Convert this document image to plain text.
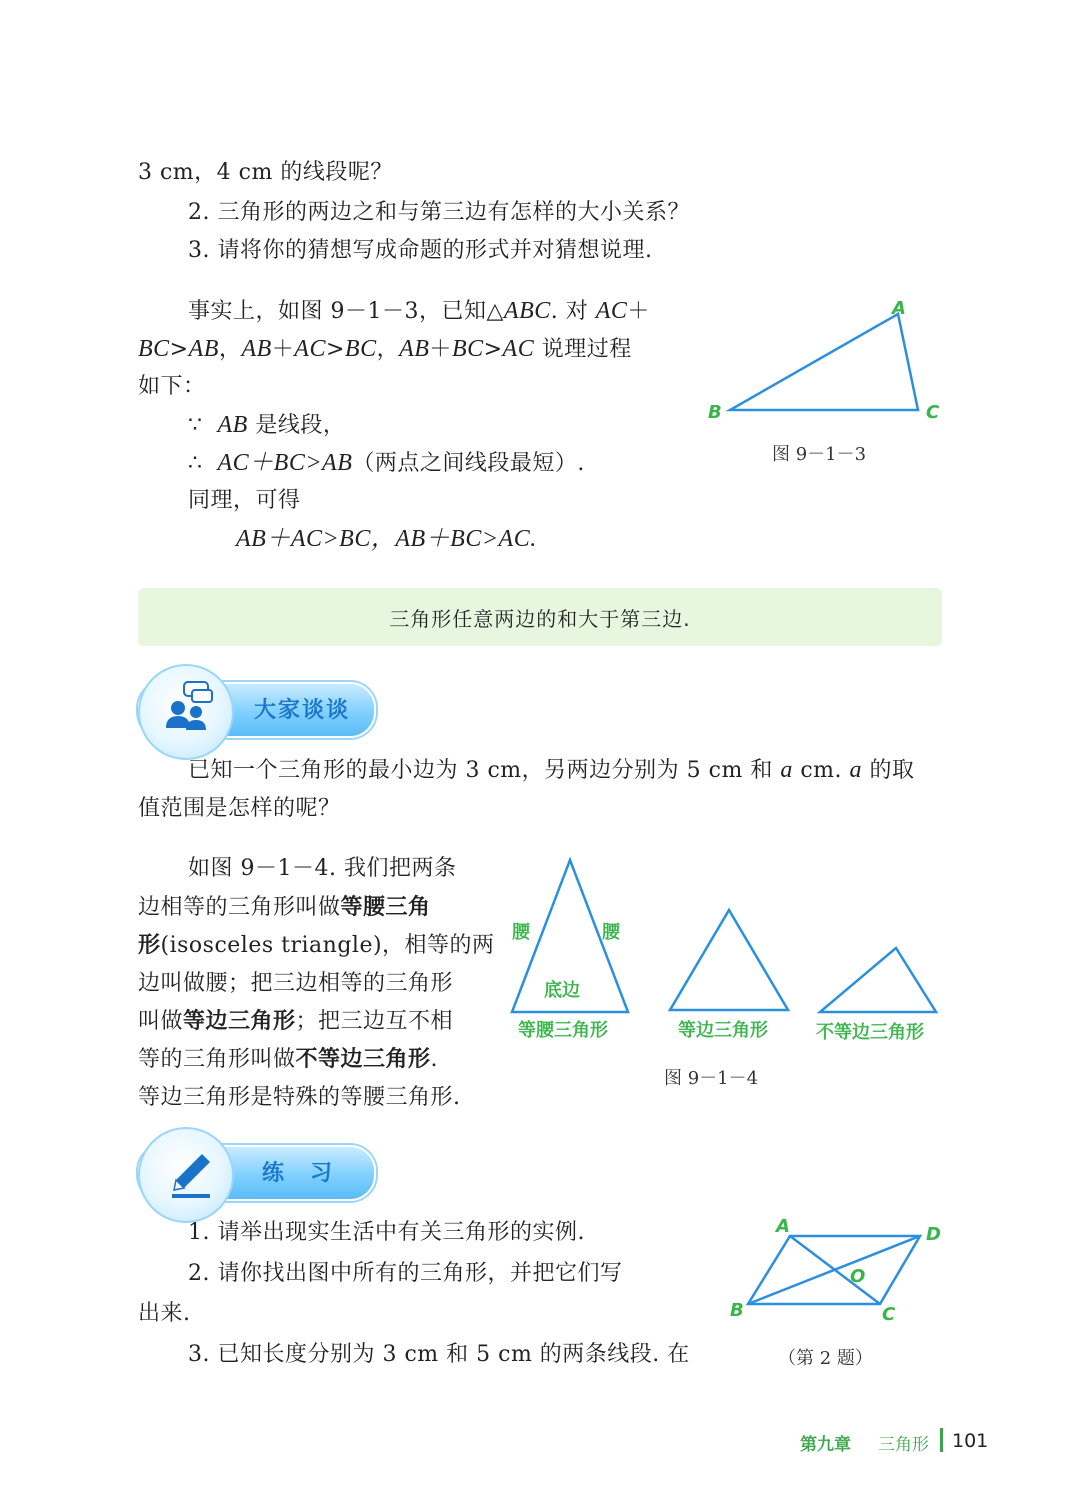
3 cm，4 cm 的线段呢？
2. 三角形的两边之和与第三边有怎样的大小关系？
3. 请将你的猜想写成命题的形式并对猜想说理.
事实上，如图 9－1－3，已知△ABC. 对 AC＋
BC>AB，AB＋AC>BC，AB＋BC>AC 说理过程
如下：
∵ AB 是线段，
∴ AC＋BC>AB（两点之间线段最短）.
同理，可得
AB＋AC>BC，AB＋BC>AC.
A
B	C
图 9－1－3
三角形任意两边的和大于第三边.
大家谈谈
已知一个三角形的最小边为 3 cm，另两边分别为 5 cm 和 a cm. a 的取
值范围是怎样的呢？
如图 9－1－4. 我们把两条
边相等的三角形叫做等腰三角
形(isosceles triangle)，相等的两
边叫做腰；把三边相等的三角形
叫做等边三角形；把三边互不相
等的三角形叫做不等边三角形.
等边三角形是特殊的等腰三角形.
腰	腰
底边
等腰三角形	等边三角形	不等边三角形
图 9－1－4
练　习
1. 请举出现实生活中有关三角形的实例.
2. 请你找出图中所有的三角形，并把它们写
出来.
3. 已知长度分别为 3 cm 和 5 cm 的两条线段. 在
A	D
B	C
O
（第 2 题）
第九章 三角形 101
